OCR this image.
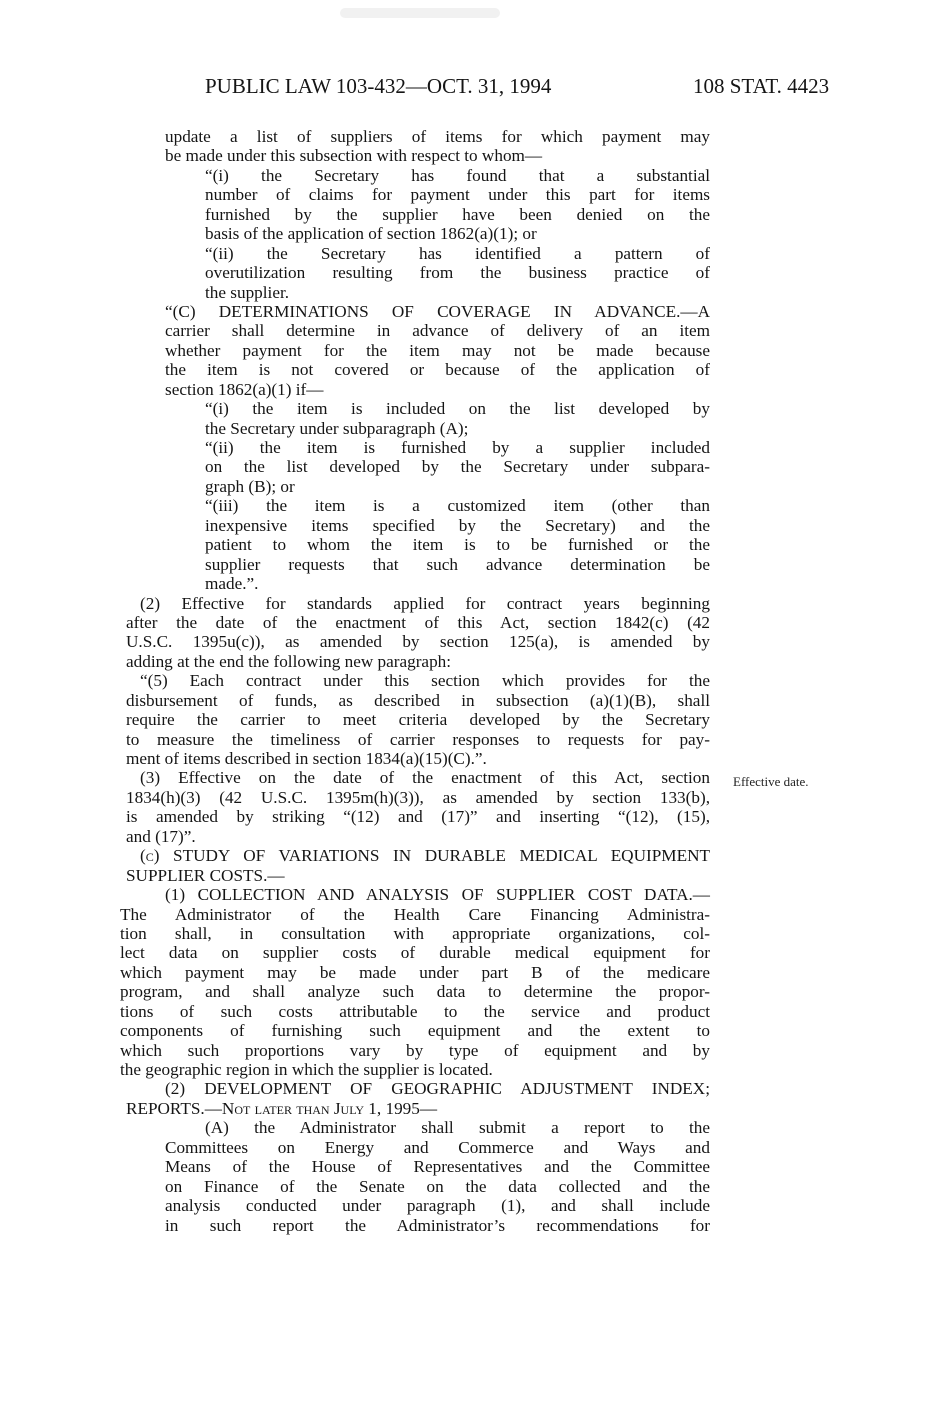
PUBLIC LAW 103-432—OCT. 31, 1994	108 STAT. 4423
Effective date.
update a list of suppliers of items for which payment may
be made under this subsection with respect to whom—
“(i) the Secretary has found that a substantial
number of claims for payment under this part for items
furnished by the supplier have been denied on the
basis of the application of section 1862(a)(1); or
“(ii) the Secretary has identified a pattern of
overutilization resulting from the business practice of
the supplier.
“(C) DETERMINATIONS OF COVERAGE IN ADVANCE.—A
carrier shall determine in advance of delivery of an item
whether payment for the item may not be made because
the item is not covered or because of the application of
section 1862(a)(1) if—
“(i) the item is included on the list developed by
the Secretary under subparagraph (A);
“(ii) the item is furnished by a supplier included
on the list developed by the Secretary under subpara-
graph (B); or
“(iii) the item is a customized item (other than
inexpensive items specified by the Secretary) and the
patient to whom the item is to be furnished or the
supplier requests that such advance determination be
made.”.
(2) Effective for standards applied for contract years beginning
after the date of the enactment of this Act, section 1842(c) (42
U.S.C. 1395u(c)), as amended by section 125(a), is amended by
adding at the end the following new paragraph:
“(5) Each contract under this section which provides for the
disbursement of funds, as described in subsection (a)(1)(B), shall
require the carrier to meet criteria developed by the Secretary
to measure the timeliness of carrier responses to requests for pay-
ment of items described in section 1834(a)(15)(C).”.
(3) Effective on the date of the enactment of this Act, section
1834(h)(3) (42 U.S.C. 1395m(h)(3)), as amended by section 133(b),
is amended by striking “(12) and (17)” and inserting “(12), (15),
and (17)”.
(c) STUDY OF VARIATIONS IN DURABLE MEDICAL EQUIPMENT
SUPPLIER COSTS.—
(1) COLLECTION AND ANALYSIS OF SUPPLIER COST DATA.—
The Administrator of the Health Care Financing Administra-
tion shall, in consultation with appropriate organizations, col-
lect data on supplier costs of durable medical equipment for
which payment may be made under part B of the medicare
program, and shall analyze such data to determine the propor-
tions of such costs attributable to the service and product
components of furnishing such equipment and the extent to
which such proportions vary by type of equipment and by
the geographic region in which the supplier is located.
(2) DEVELOPMENT OF GEOGRAPHIC ADJUSTMENT INDEX;
REPORTS.—Not later than July 1, 1995—
(A) the Administrator shall submit a report to the
Committees on Energy and Commerce and Ways and
Means of the House of Representatives and the Committee
on Finance of the Senate on the data collected and the
analysis conducted under paragraph (1), and shall include
in such report the Administrator’s recommendations for
